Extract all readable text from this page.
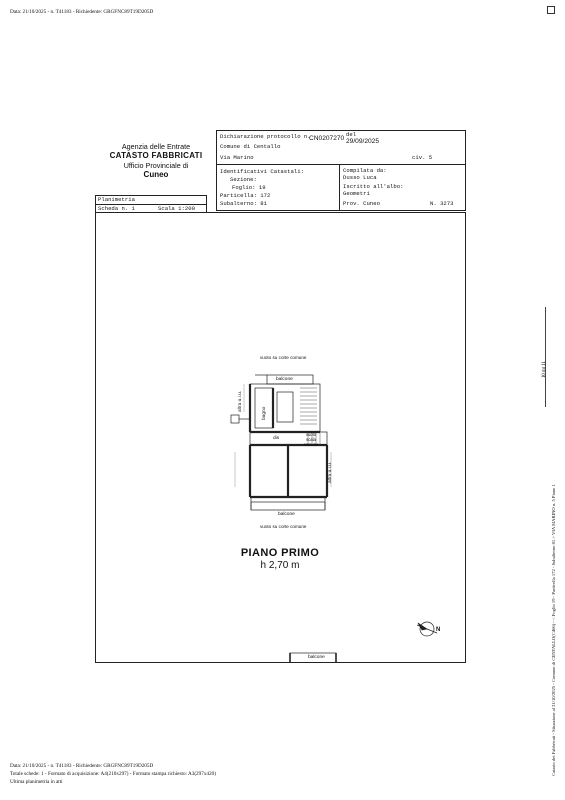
Data: 21/10/2025 - n. T41183 - Richiedente: GRGFNC89T19D205D
Agenzia delle Entrate
CATASTO FABBRICATI
Ufficio Provinciale di
Cuneo
Dichiarazione protocollo n.
CN0207270
del
29/09/2025
Comune di Centallo
Via Marino	civ. 5
Identificativi Catastali:
Sezione:
Foglio: 19
Particella: 172
Subalterno: 81
Compilata da:
Dusso Luca
Iscritto all'albo:
Geometri
Prov. Cuneo	N. 3273
Planimetria
Scheda n. 1	Scala 1:200
vuoto su corte comune
balcone
altra u.i.u.
bagno
dis
vuoto scala comune
altra u.i.u.
balcone
vuoto su corte comune
PIANO PRIMO
h 2,70 m
N
balcone
10 mt 11
Catasto dei Fabbricati - Situazione al 21/10/2025 - Comune di CENTALLO(C466) - < Foglio 19 - Particella 172 - Subalterno 81 > VIA MARINO n. 5 Piano 1
Data: 21/10/2025 - n. T41183 - Richiedente: GRGFNC89T19D205D
Totale schede: 1 - Formato di acquisizione: A4(210x297) - Formato stampa richiesto: A3(297x420)
Ultima planimetria in atti
